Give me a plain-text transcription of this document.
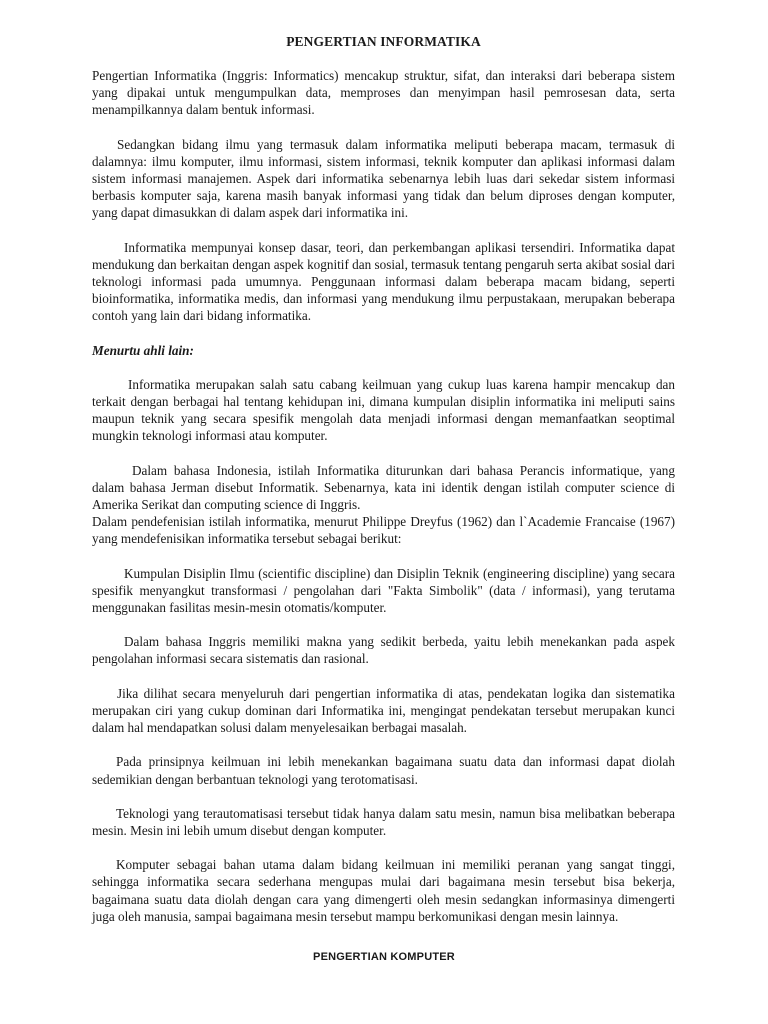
PENGERTIAN INFORMATIKA

Pengertian Informatika (Inggris: Informatics) mencakup struktur, sifat, dan interaksi dari beberapa sistem yang dipakai untuk mengumpulkan data, memproses dan menyimpan hasil pemrosesan data, serta menampilkannya dalam bentuk informasi.

Sedangkan bidang ilmu yang termasuk dalam informatika meliputi beberapa macam, termasuk di dalamnya: ilmu komputer, ilmu informasi, sistem informasi, teknik komputer dan aplikasi informasi dalam sistem informasi manajemen. Aspek dari informatika sebenarnya lebih luas dari sekedar sistem informasi berbasis komputer saja, karena masih banyak informasi yang tidak dan belum diproses dengan komputer, yang dapat dimasukkan di dalam aspek dari informatika ini.

Informatika mempunyai konsep dasar, teori, dan perkembangan aplikasi tersendiri. Informatika dapat mendukung dan berkaitan dengan aspek kognitif dan sosial, termasuk tentang pengaruh serta akibat sosial dari teknologi informasi pada umumnya. Penggunaan informasi dalam beberapa macam bidang, seperti bioinformatika, informatika medis, dan informasi yang mendukung ilmu perpustakaan, merupakan beberapa contoh yang lain dari bidang informatika.

Menurtu ahli lain:

Informatika merupakan salah satu cabang keilmuan yang cukup luas karena hampir mencakup dan terkait dengan berbagai hal tentang kehidupan ini, dimana kumpulan disiplin informatika ini meliputi sains maupun teknik yang secara spesifik mengolah data menjadi informasi dengan memanfaatkan seoptimal mungkin teknologi informasi atau komputer.

Dalam bahasa Indonesia, istilah Informatika diturunkan dari bahasa Perancis informatique, yang dalam bahasa Jerman disebut Informatik. Sebenarnya, kata ini identik dengan istilah computer science di Amerika Serikat dan computing science di Inggris.

Dalam pendefenisian istilah informatika, menurut Philippe Dreyfus (1962) dan l`Academie Francaise (1967) yang mendefenisikan informatika tersebut sebagai berikut:

Kumpulan Disiplin Ilmu (scientific discipline) dan Disiplin Teknik (engineering discipline) yang secara spesifik menyangkut transformasi / pengolahan dari "Fakta Simbolik" (data / informasi), yang terutama menggunakan fasilitas mesin-mesin otomatis/komputer.

Dalam bahasa Inggris memiliki makna yang sedikit berbeda, yaitu lebih menekankan pada aspek pengolahan informasi secara sistematis dan rasional.

Jika dilihat secara menyeluruh dari pengertian informatika di atas, pendekatan logika dan sistematika merupakan ciri yang cukup dominan dari Informatika ini, mengingat pendekatan tersebut merupakan kunci dalam hal mendapatkan solusi dalam menyelesaikan berbagai masalah.

Pada prinsipnya keilmuan ini lebih menekankan bagaimana suatu data dan informasi dapat diolah sedemikian dengan berbantuan teknologi yang terotomatisasi.

Teknologi yang terautomatisasi tersebut tidak hanya dalam satu mesin, namun bisa melibatkan beberapa mesin. Mesin ini lebih umum disebut dengan komputer.

Komputer sebagai bahan utama dalam bidang keilmuan ini memiliki peranan yang sangat tinggi, sehingga informatika secara sederhana mengupas mulai dari bagaimana mesin tersebut bisa bekerja, bagaimana suatu data diolah dengan cara yang dimengerti oleh mesin sedangkan informasinya dimengerti juga oleh manusia, sampai bagaimana mesin tersebut mampu berkomunikasi dengan mesin lainnya.

PENGERTIAN KOMPUTER
